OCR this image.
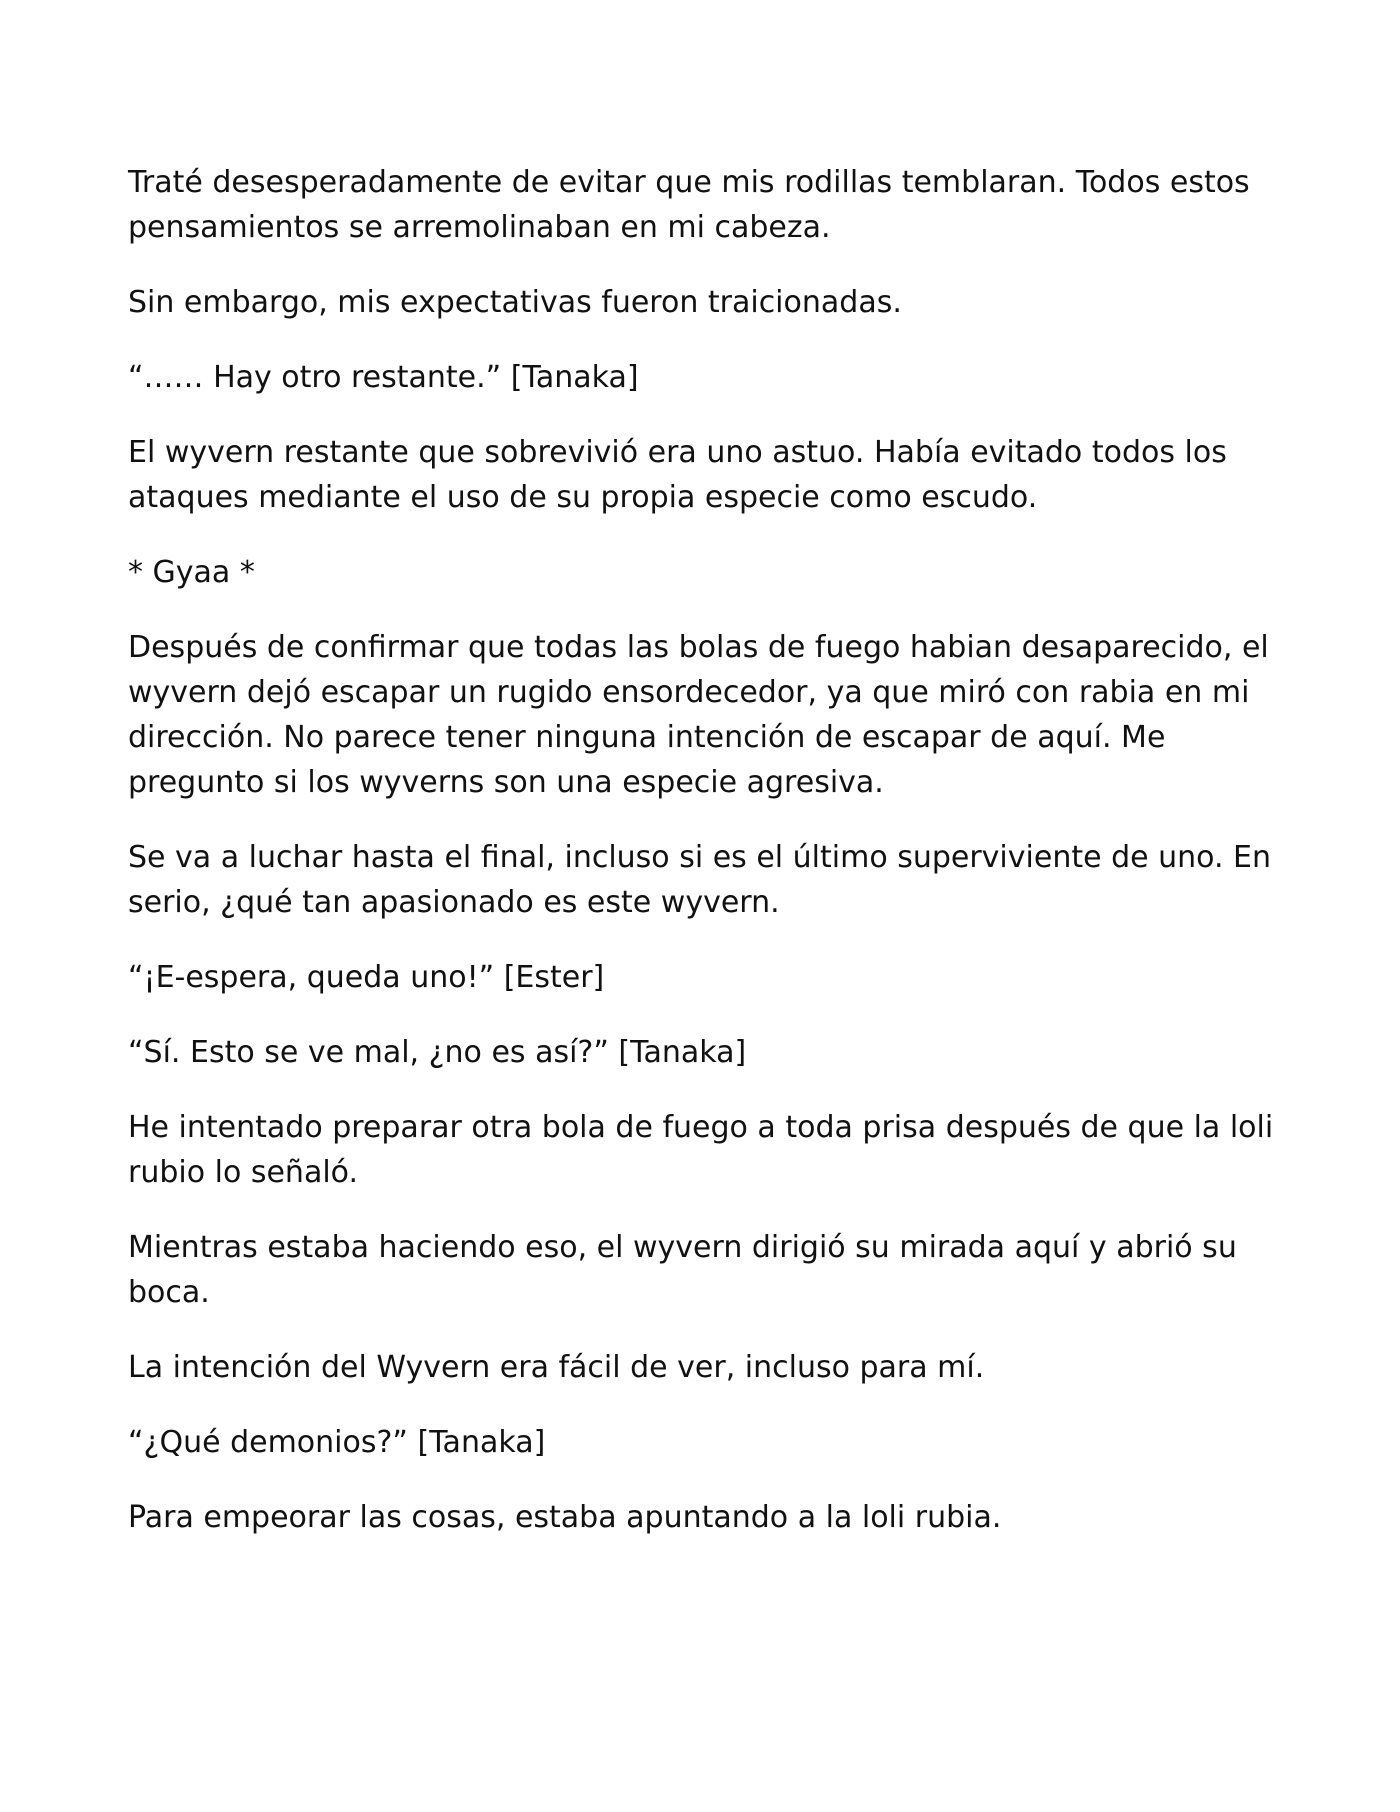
Traté desesperadamente de evitar que mis rodillas temblaran. Todos estos pensamientos se arremolinaban en mi cabeza.

Sin embargo, mis expectativas fueron traicionadas.

“…… Hay otro restante.” [Tanaka]

El wyvern restante que sobrevivió era uno astuo. Había evitado todos los ataques mediante el uso de su propia especie como escudo.

* Gyaa *

Después de confirmar que todas las bolas de fuego habian desaparecido, el wyvern dejó escapar un rugido ensordecedor, ya que miró con rabia en mi dirección. No parece tener ninguna intención de escapar de aquí. Me pregunto si los wyverns son una especie agresiva.

Se va a luchar hasta el final, incluso si es el último superviviente de uno. En serio, ¿qué tan apasionado es este wyvern.

“¡E-espera, queda uno!” [Ester]

“Sí. Esto se ve mal, ¿no es así?” [Tanaka]

He intentado preparar otra bola de fuego a toda prisa después de que la loli rubio lo señaló.

Mientras estaba haciendo eso, el wyvern dirigió su mirada aquí y abrió su boca.

La intención del Wyvern era fácil de ver, incluso para mí.

“¿Qué demonios?” [Tanaka]

Para empeorar las cosas, estaba apuntando a la loli rubia.
